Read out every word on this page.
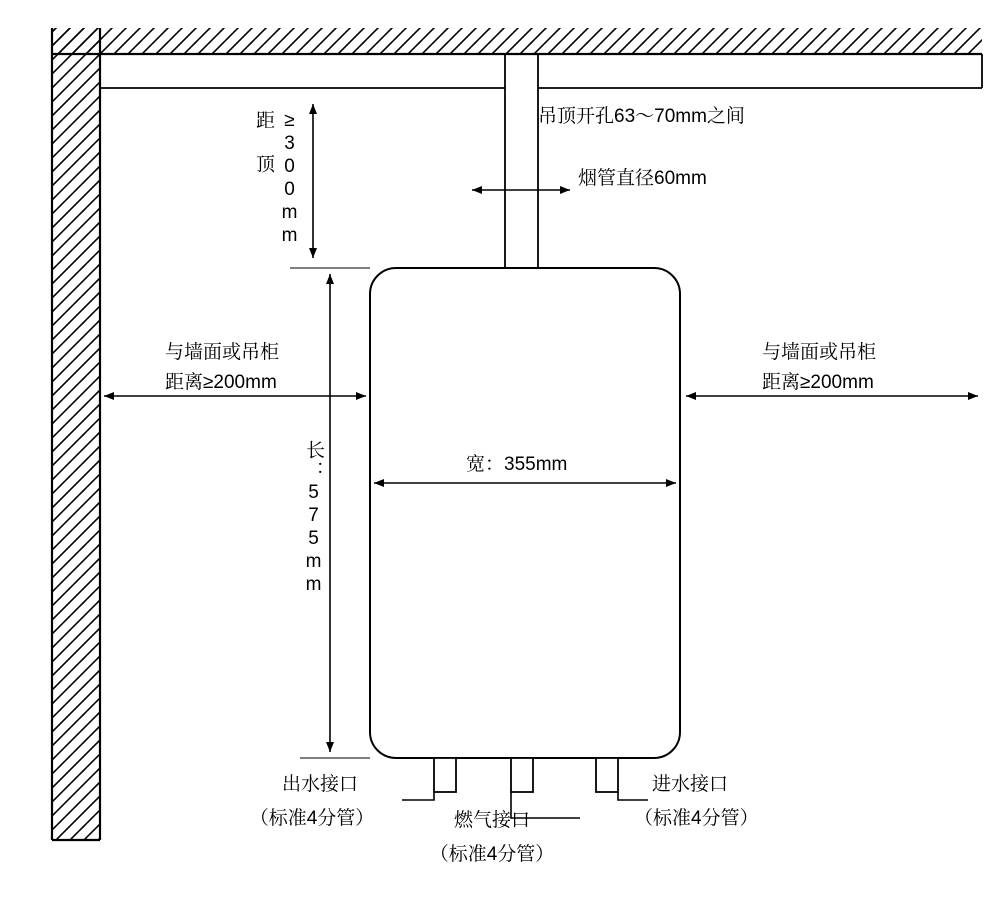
吊顶开孔63～70mm之间
烟管直径60mm
距 顶 ≥300mm
与墙面或吊柜
距离≥200mm
与墙面或吊柜
距离≥200mm
宽：355mm
长：575mm
出水接口
（标准4分管）	燃气接口
（标准4分管）
进水接口
（标准4分管）
